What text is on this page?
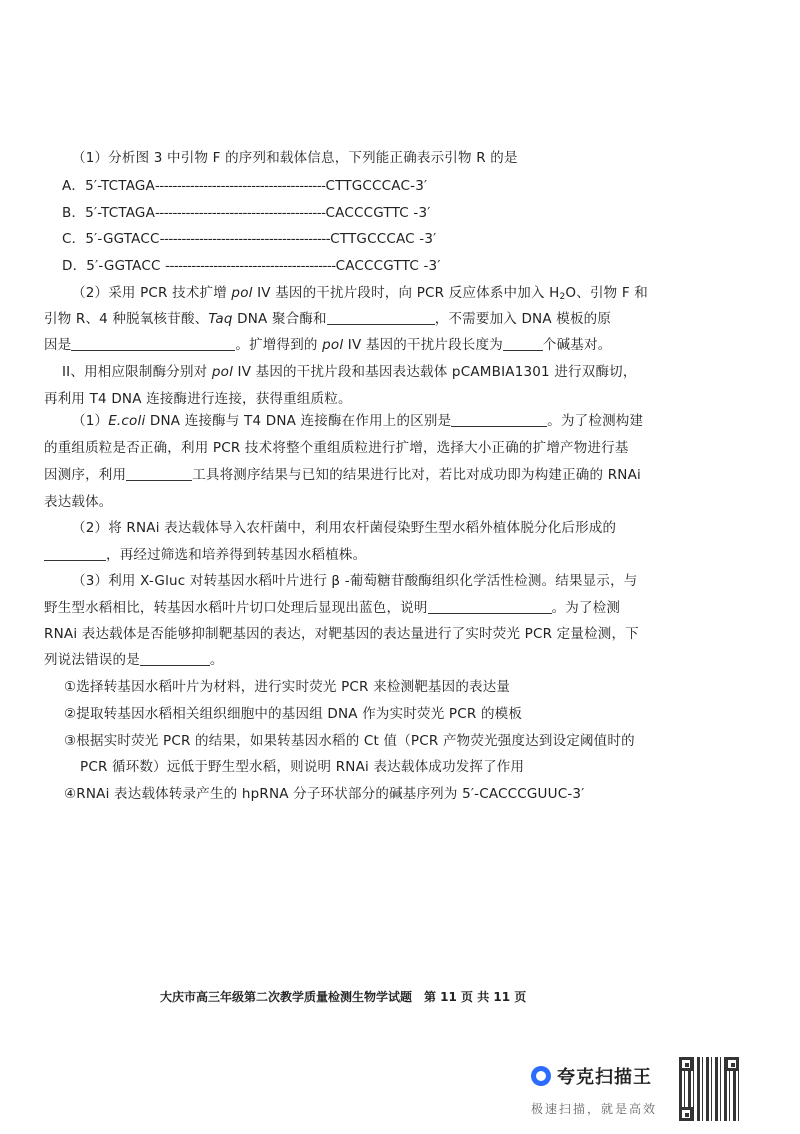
（1）分析图 3 中引物 F 的序列和载体信息，下列能正确表示引物 R 的是
A．5′-TCTAGA---------------------------------------CTTGCCCAC-3′
B．5′-TCTAGA---------------------------------------CACCCGTTC -3′
C．5′-GGTACC---------------------------------------CTTGCCCAC -3′
D．5′-GGTACC ---------------------------------------CACCCGTTC -3′
（2）采用 PCR 技术扩增 pol IV 基因的干扰片段时，向 PCR 反应体系中加入 $H_2O$、引物 F 和
引物 R、4 种脱氧核苷酸、Taq DNA 聚合酶和	，不需要加入 DNA 模板的原
因是	。扩增得到的 pol IV 基因的干扰片段长度为	个碱基对。
II、用相应限制酶分别对 pol IV 基因的干扰片段和基因表达载体 pCAMBIA1301 进行双酶切，
再利用 T4 DNA 连接酶进行连接，获得重组质粒。
（1）E.coli DNA 连接酶与 T4 DNA 连接酶在作用上的区别是	。为了检测构建
的重组质粒是否正确，利用 PCR 技术将整个重组质粒进行扩增，选择大小正确的扩增产物进行基
因测序，利用	工具将测序结果与已知的结果进行比对，若比对成功即为构建正确的 RNAi
表达载体。
（2）将 RNAi 表达载体导入农杆菌中，利用农杆菌侵染野生型水稻外植体脱分化后形成的
，再经过筛选和培养得到转基因水稻植株。
（3）利用 X-Gluc 对转基因水稻叶片进行 β -葡萄糖苷酸酶组织化学活性检测。结果显示，与
野生型水稻相比，转基因水稻叶片切口处理后显现出蓝色，说明	。为了检测
RNAi 表达载体是否能够抑制靶基因的表达，对靶基因的表达量进行了实时荧光 PCR 定量检测，下
列说法错误的是	。
①选择转基因水稻叶片为材料，进行实时荧光 PCR 来检测靶基因的表达量
②提取转基因水稻相关组织细胞中的基因组 DNA 作为实时荧光 PCR 的模板
③根据实时荧光 PCR 的结果，如果转基因水稻的 Ct 值（PCR 产物荧光强度达到设定阈值时的
PCR 循环数）远低于野生型水稻，则说明 RNAi 表达载体成功发挥了作用
④RNAi 表达载体转录产生的 hpRNA 分子环状部分的碱基序列为 5′-CACCCGUUC-3′
大庆市高三年级第二次教学质量检测生物学试题　第 11 页 共 11 页
夸克扫描王
极速扫描，就是高效
